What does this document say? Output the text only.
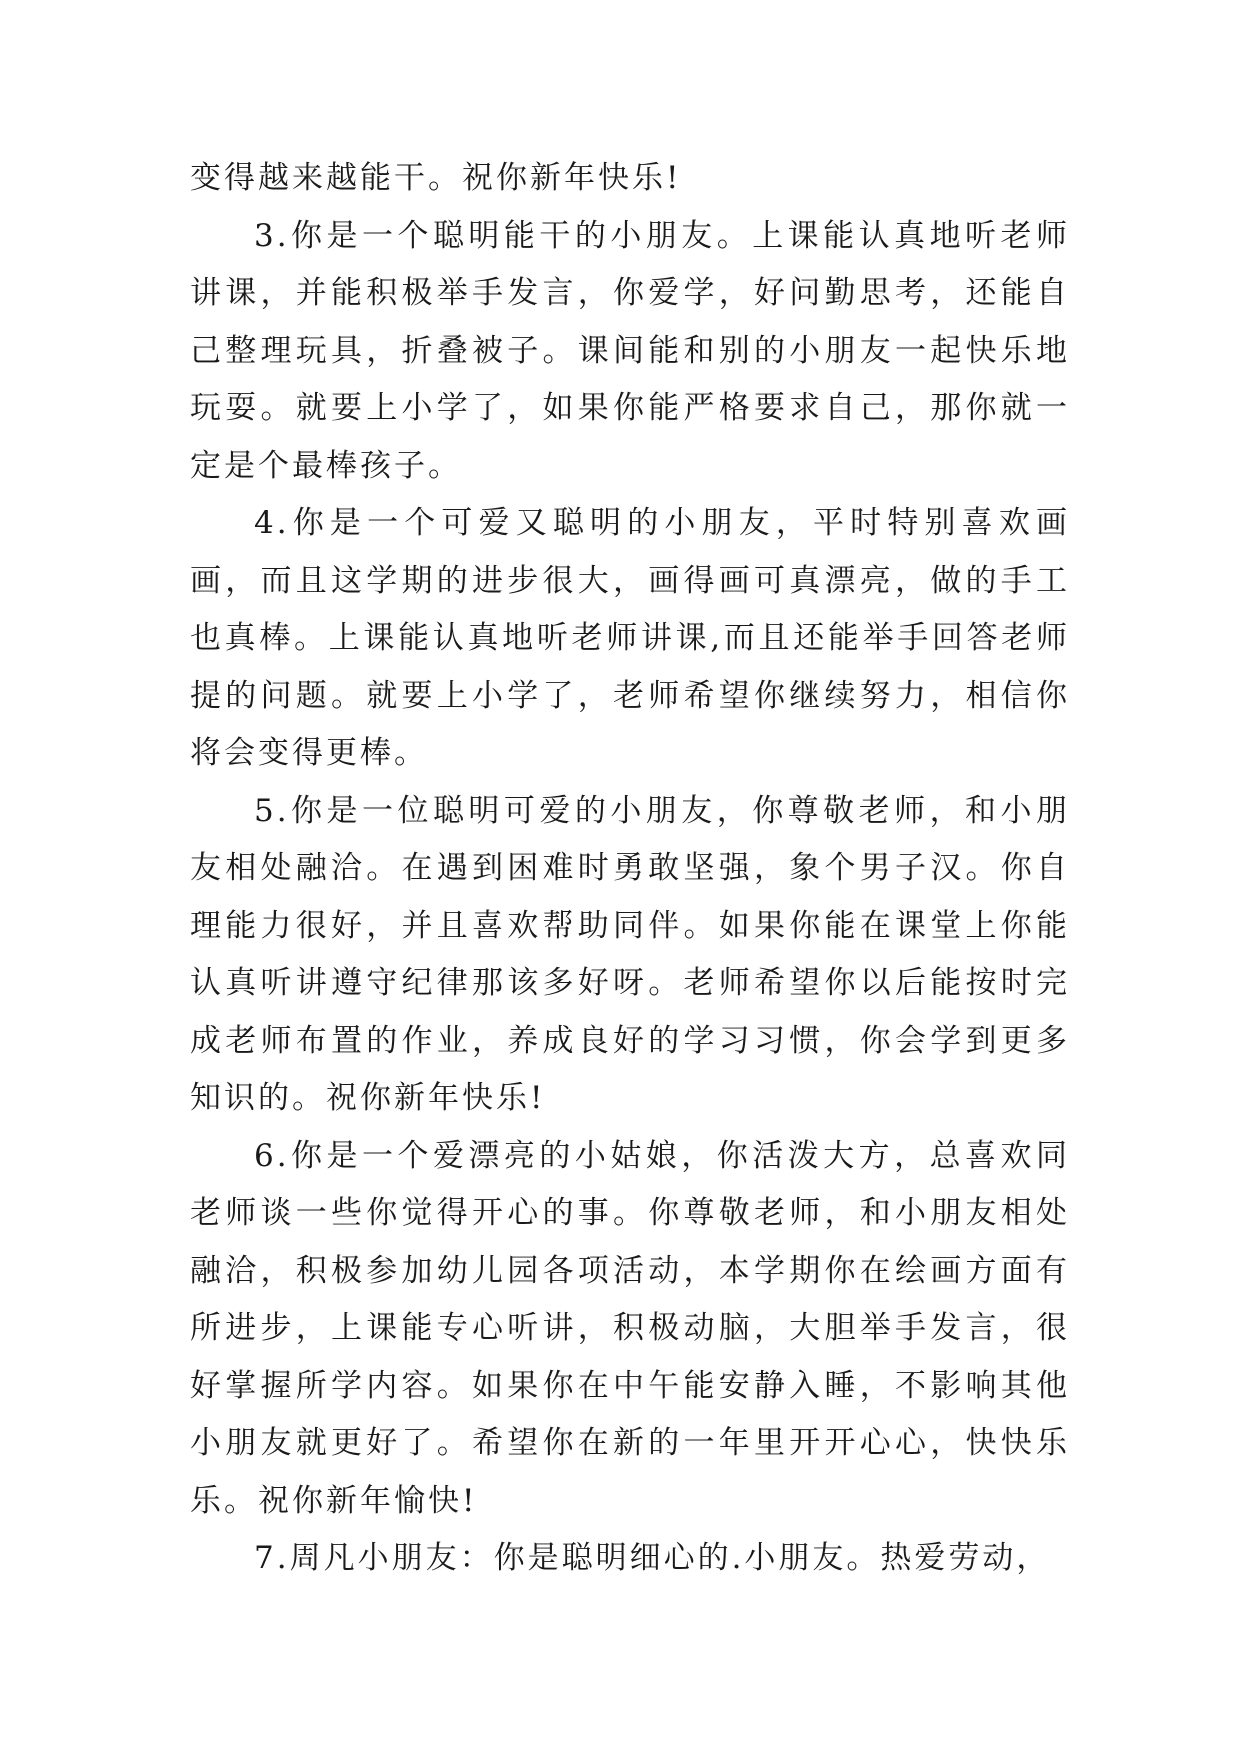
变得越来越能干。祝你新年快乐!

3.你是一个聪明能干的小朋友。上课能认真地听老师讲课，并能积极举手发言，你爱学，好问勤思考，还能自己整理玩具，折叠被子。课间能和别的小朋友一起快乐地玩耍。就要上小学了，如果你能严格要求自己，那你就一定是个最棒孩子。

4.你是一个可爱又聪明的小朋友，平时特别喜欢画画，而且这学期的进步很大，画得画可真漂亮，做的手工也真棒。上课能认真地听老师讲课,而且还能举手回答老师提的问题。就要上小学了，老师希望你继续努力，相信你将会变得更棒。

5.你是一位聪明可爱的小朋友，你尊敬老师，和小朋友相处融洽。在遇到困难时勇敢坚强，象个男子汉。你自理能力很好，并且喜欢帮助同伴。如果你能在课堂上你能认真听讲遵守纪律那该多好呀。老师希望你以后能按时完成老师布置的作业，养成良好的学习习惯，你会学到更多知识的。祝你新年快乐!

6.你是一个爱漂亮的小姑娘，你活泼大方，总喜欢同老师谈一些你觉得开心的事。你尊敬老师，和小朋友相处融洽，积极参加幼儿园各项活动，本学期你在绘画方面有所进步，上课能专心听讲，积极动脑，大胆举手发言，很好掌握所学内容。如果你在中午能安静入睡，不影响其他小朋友就更好了。希望你在新的一年里开开心心，快快乐乐。祝你新年愉快!

7.周凡小朋友：你是聪明细心的.小朋友。热爱劳动，
